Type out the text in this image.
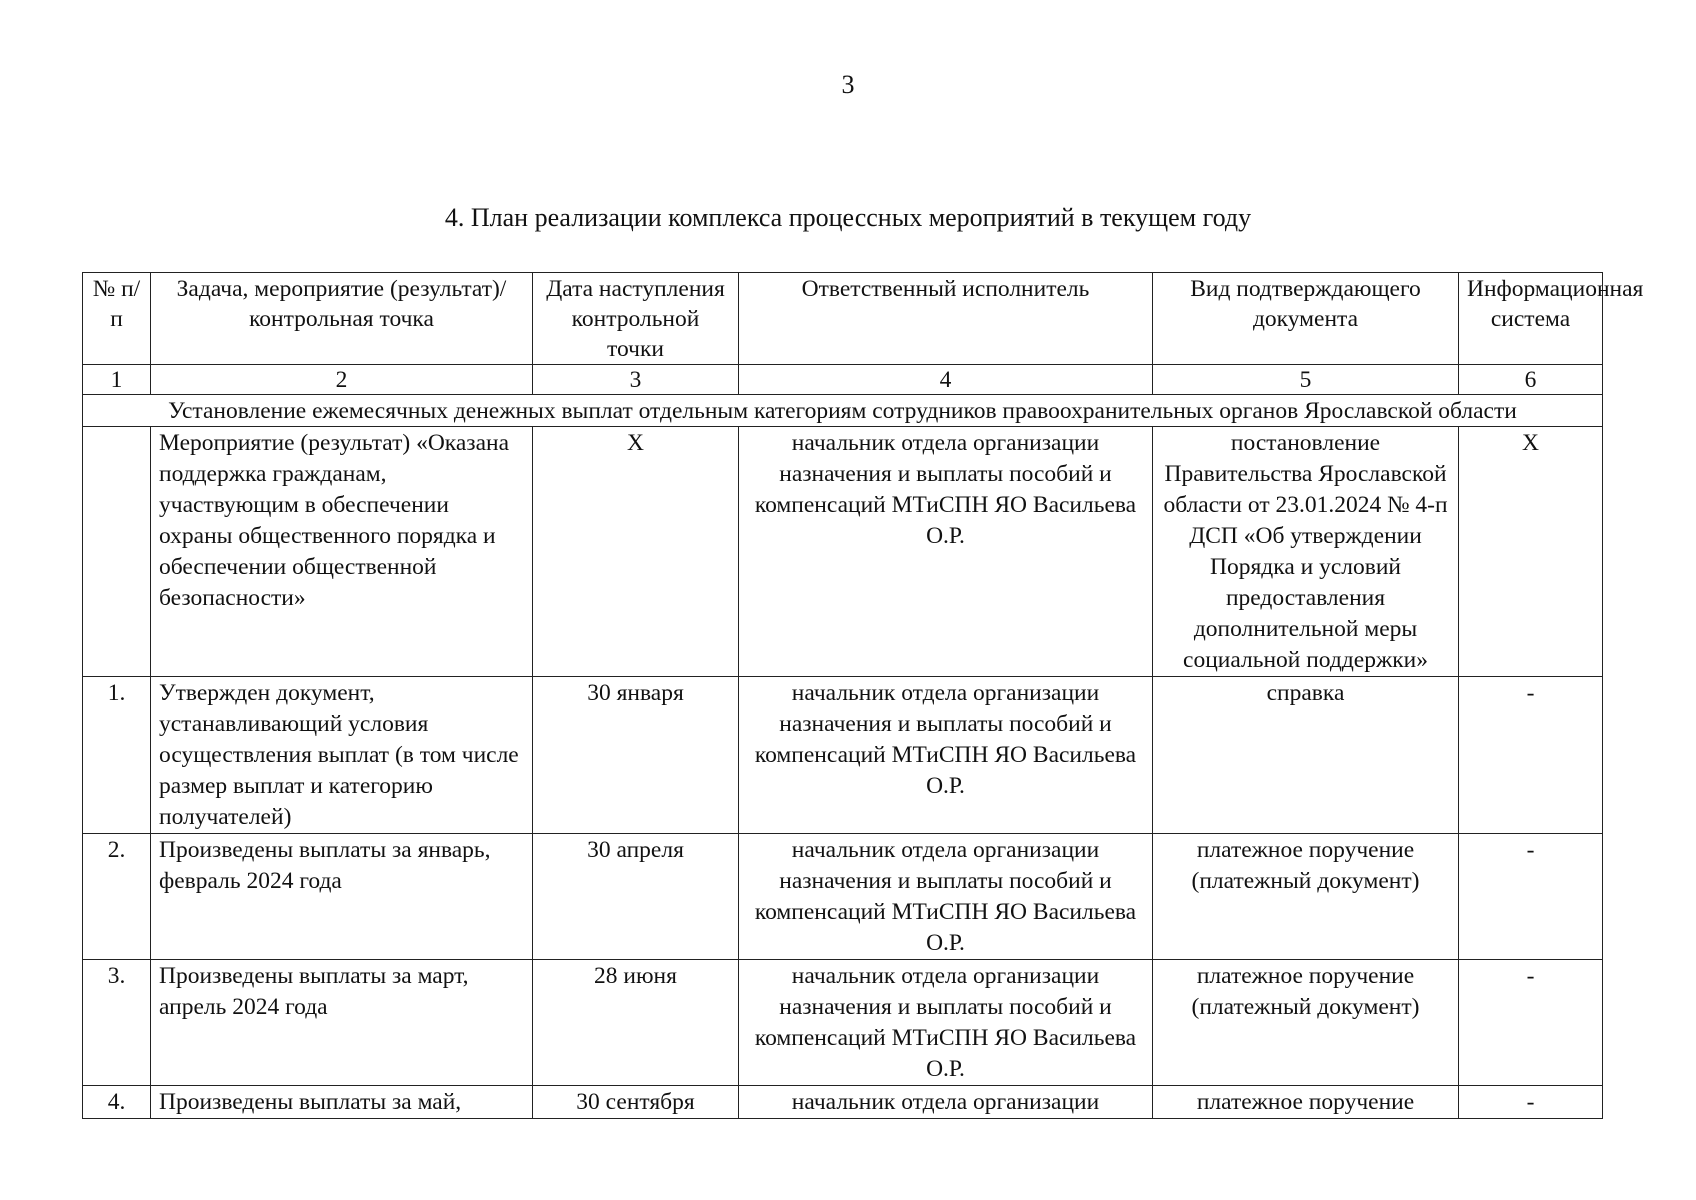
3
4. План реализации комплекса процессных мероприятий в текущем году
№ п/п	Задача, мероприятие (результат)/ контрольная точка	Дата наступления контрольной точки	Ответственный исполнитель	Вид подтверждающего документа	Информационная система
1	2	3	4	5	6
Установление ежемесячных денежных выплат отдельным категориям сотрудников правоохранительных органов Ярославской области					
	Мероприятие (результат) «Оказана поддержка гражданам, участвующим в обеспечении охраны общественного порядка и обеспечении общественной безопасности»	Х	начальник отдела организации назначения и выплаты пособий и компенсаций МТиСПН ЯО Васильева О.Р.	постановление Правительства Ярославской области от 23.01.2024 № 4-п ДСП «Об утверждении Порядка и условий предоставления дополнительной меры социальной поддержки»	Х
1.	Утвержден документ, устанавливающий условия осуществления выплат (в том числе размер выплат и категорию получателей)	30 января	начальник отдела организации назначения и выплаты пособий и компенсаций МТиСПН ЯО Васильева О.Р.	справка	-
2.	Произведены выплаты за январь, февраль 2024 года	30 апреля	начальник отдела организации назначения и выплаты пособий и компенсаций МТиСПН ЯО Васильева О.Р.	платежное поручение (платежный документ)	-
3.	Произведены выплаты за март, апрель 2024 года	28 июня	начальник отдела организации назначения и выплаты пособий и компенсаций МТиСПН ЯО Васильева О.Р.	платежное поручение (платежный документ)	-
4.	Произведены выплаты за май,	30 сентября	начальник отдела организации	платежное поручение	-
